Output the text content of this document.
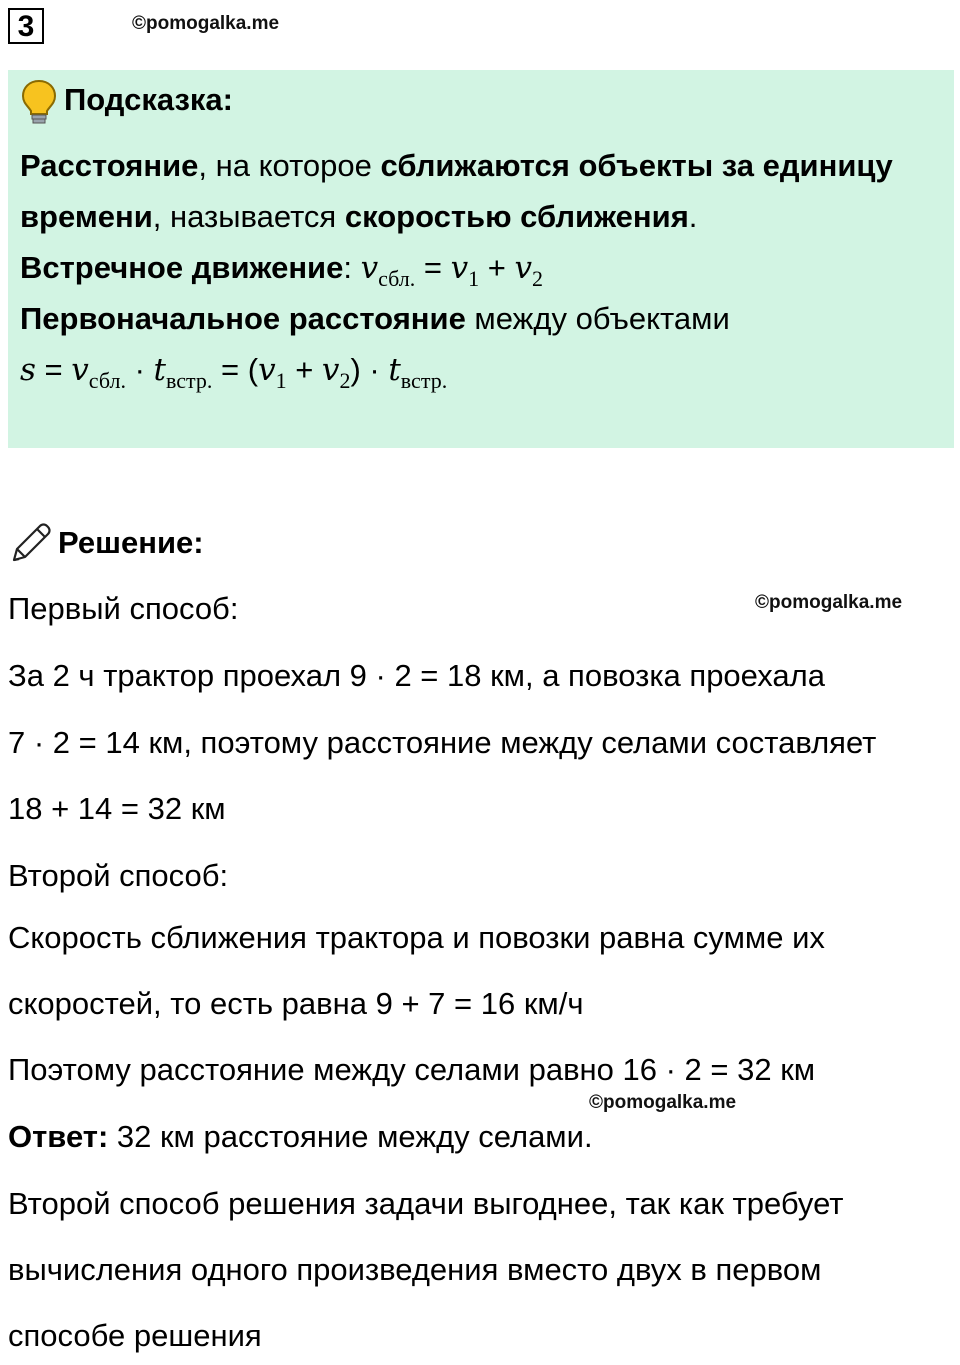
3	©pomogalka.me
Подсказка:
Расстояние, на которое сближаются объекты за единицу
времени, называется скоростью сближения.
Встречное движение: $v_{сбл.} = v_1 + v_2$
Первоначальное расстояние между объектами
$s = v_{сбл.} \cdot t_{встр.} = (v_1 + v_2) \cdot t_{встр.}$
Решение:
Первый способ:	©pomogalka.me
За 2 ч трактор проехал 9 · 2 = 18 км, а повозка проехала
7 · 2 = 14 км, поэтому расстояние между селами составляет
18 + 14 = 32 км
Второй способ:
Скорость сближения трактора и повозки равна сумме их
скоростей, то есть равна 9 + 7 = 16 км/ч
Поэтому расстояние между селами равно 16 · 2 = 32 км
©pomogalka.me
Ответ: 32 км расстояние между селами.
Второй способ решения задачи выгоднее, так как требует
вычисления одного произведения вместо двух в первом
способе решения
